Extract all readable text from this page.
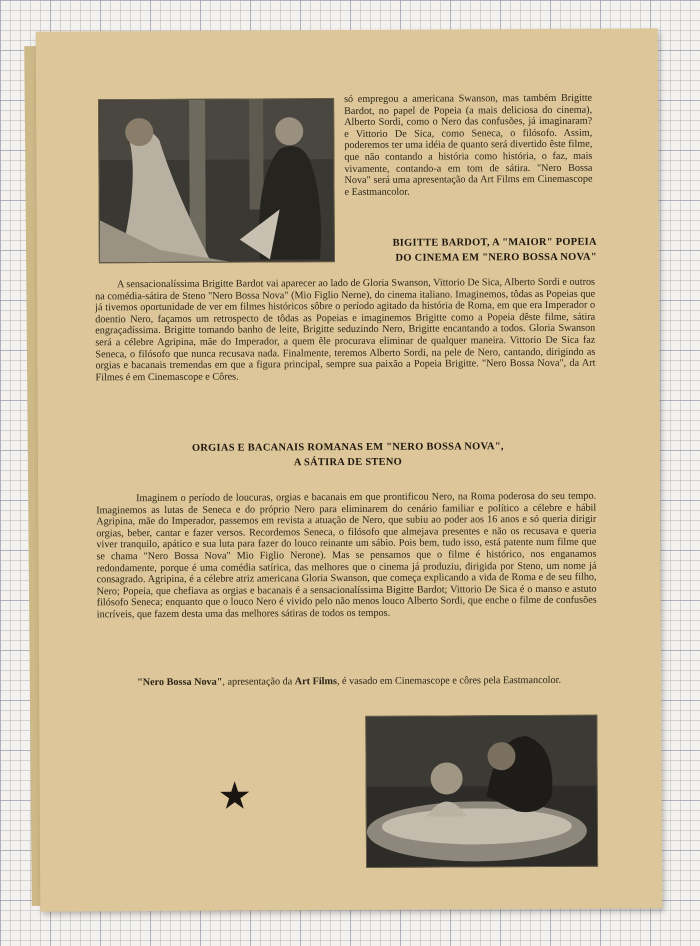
só empregou a americana Swanson, mas também Brigitte Bardot, no papel de Popeia (a mais deliciosa do cinema), Alberto Sordi, como o Nero das confusões, já imaginaram? e Vittorio De Sica, como Seneca, o filósofo. Assim, poderemos ter uma idéia de quanto será divertido êste filme, que não contando a história como história, o faz, mais vivamente, contando-a em tom de sátira. "Nero Bossa Nova" será uma apresentação da Art Films em Cinemascope e Eastmancolor.
BIGITTE BARDOT, A "MAIOR" POPEIA
DO CINEMA EM "NERO BOSSA NOVA"
A sensacionalíssima Brigitte Bardot vai aparecer ao lado de Gloria Swanson, Vittorio De Sica, Alberto Sordi e outros na comédia-sátira de Steno "Nero Bossa Nova" (Mio Figlio Nerne), do cinema italiano. Imaginemos, tôdas as Popeias que já tivemos oportunidade de ver em filmes históricos sôbre o período agitado da história de Roma, em que era Imperador o doentio Nero, façamos um retrospecto de tôdas as Popeias e imaginemos Brigitte como a Popeia dêste filme, sátira engraçadíssima. Brigitte tomando banho de leite, Brigitte seduzindo Nero, Brigitte encantando a todos. Gloria Swanson será a célebre Agripina, mãe do Imperador, a quem êle procurava eliminar de qualquer maneira. Vittorio De Sica faz Seneca, o filósofo que nunca recusava nada. Finalmente, teremos Alberto Sordi, na pele de Nero, cantando, dirigindo as orgias e bacanais tremendas em que a figura principal, sempre sua paixão a Popeia Brigitte. "Nero Bossa Nova", da Art Filmes é em Cinemascope e Côres.
ORGIAS E BACANAIS ROMANAS EM "NERO BOSSA NOVA",
A SÁTIRA DE STENO
Imaginem o período de loucuras, orgias e bacanais em que prontificou Nero, na Roma poderosa do seu tempo. Imaginemos as lutas de Seneca e do próprio Nero para eliminarem do cenário familiar e político a célebre e hábil Agripina, mãe do Imperador, passemos em revista a atuação de Nero, que subiu ao poder aos 16 anos e só queria dirigir orgias, beber, cantar e fazer versos. Recordemos Seneca, o filósofo que almejava presentes e não os recusava e queria viver tranquilo, apático e sua luta para fazer do louco reinante um sábio. Pois bem, tudo isso, está patente num filme que se chama "Nero Bossa Nova" Mio Figlio Nerone). Mas se pensamos que o filme é histórico, nos enganamos redondamente, porque é uma comédia satírica, das melhores que o cinema já produziu, dirigida por Steno, um nome já consagrado. Agripina, é a célebre atriz americana Gloria Swanson, que começa explicando a vida de Roma e de seu filho, Nero; Popeia, que chefiava as orgias e bacanais é a sensacionalíssima Bigitte Bardot; Vittorio De Sica é o manso e astuto filósofo Seneca; enquanto que o louco Nero é vivido pelo não menos louco Alberto Sordi, que enche o filme de confusões incríveis, que fazem desta uma das melhores sátiras de todos os tempos.
"Nero Bossa Nova", apresentação da Art Films, é vasado em Cinemascope e côres pela Eastmancolor.
★
